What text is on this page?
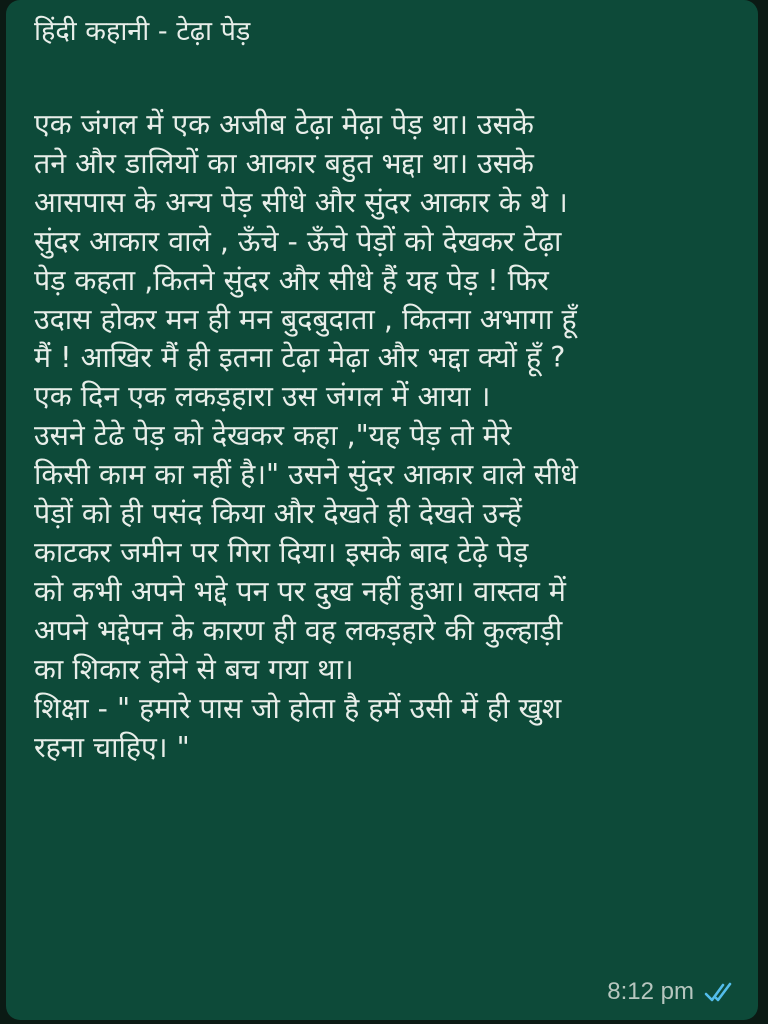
हिंदी कहानी - टेढ़ा पेड़
एक जंगल में एक अजीब टेढ़ा मेढ़ा पेड़ था। उसके
तने और डालियों का आकार बहुत भद्दा था। उसके
आसपास के अन्य पेड़ सीधे और सुंदर आकार के थे ।
सुंदर आकार वाले , ऊँचे - ऊँचे पेड़ों को देखकर टेढ़ा
पेड़ कहता ,कितने सुंदर और सीधे हैं यह पेड़ ! फिर
उदास होकर मन ही मन बुदबुदाता , कितना अभागा हूँ
मैं ! आखिर मैं ही इतना टेढ़ा मेढ़ा और भद्दा क्यों हूँ ?
एक दिन एक लकड़हारा उस जंगल में आया ।
उसने टेढे पेड़ को देखकर कहा ,"यह पेड़ तो मेरे
किसी काम का नहीं है।" उसने सुंदर आकार वाले सीधे
पेड़ों को ही पसंद किया और देखते ही देखते उन्हें
काटकर जमीन पर गिरा दिया। इसके बाद टेढ़े पेड़
को कभी अपने भद्दे पन पर दुख नहीं हुआ। वास्तव में
अपने भद्देपन के कारण ही वह लकड़हारे की कुल्हाड़ी
का शिकार होने से बच गया था।
शिक्षा - " हमारे पास जो होता है हमें उसी में ही खुश
रहना चाहिए। "
8:12 pm
